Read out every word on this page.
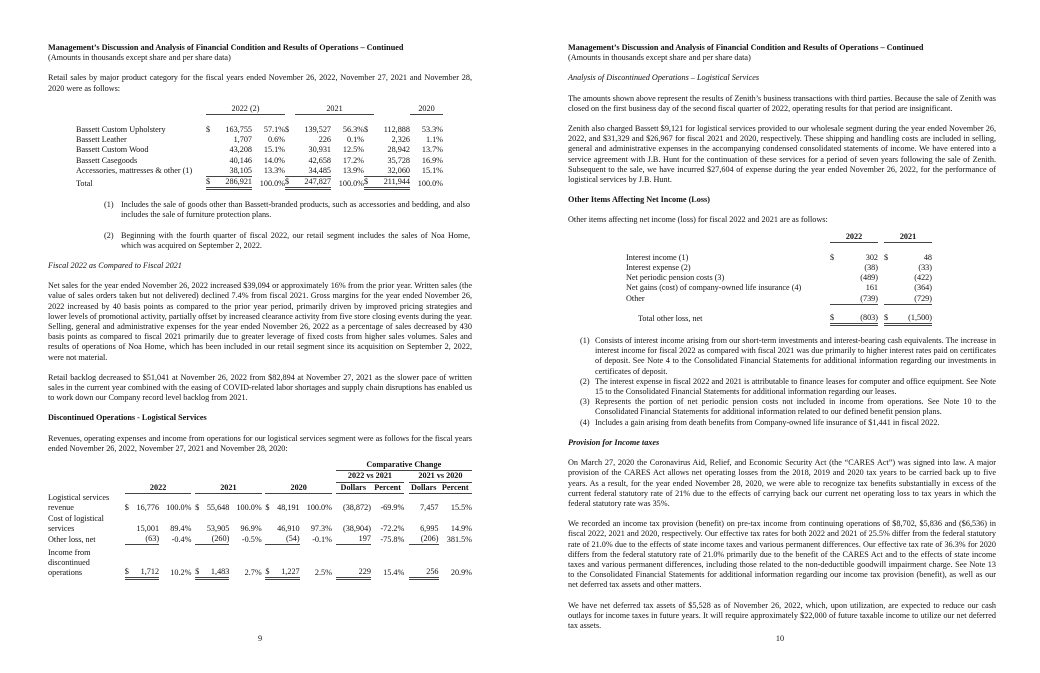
Management’s Discussion and Analysis of Financial Condition and Results of Operations – Continued
(Amounts in thousands except share and per share data)

Retail sales by major product category for the fiscal years ended November 26, 2022, November 27, 2021 and November 28, 2020 were as follows:

	2022 (2)				2021				2020

Bassett Custom Upholstery	$	163,755	57.1%	$	139,527	56.3%	$	112,888	53.3%
Bassett Leather		1,707	0.6%		226	0.1%		2,326	1.1%
Bassett Custom Wood		43,208	15.1%		30,931	12.5%		28,942	13.7%
Bassett Casegoods		40,146	14.0%		42,658	17.2%		35,728	16.9%
Accessories, mattresses & other (1)		38,105	13.3%		34,485	13.9%		32,060	15.1%
Total	$	286,921	100.0%	$	247,827	100.0%	$	211,944	100.0%
(1) Includes the sale of goods other than Bassett-branded products, such as accessories and bedding, and also includes the sale of furniture protection plans.
(2) Beginning with the fourth quarter of fiscal 2022, our retail segment includes the sales of Noa Home, which was acquired on September 2, 2022.
Fiscal 2022 as Compared to Fiscal 2021

Net sales for the year ended November 26, 2022 increased $39,094 or approximately 16% from the prior year. Written sales (the value of sales orders taken but not delivered) declined 7.4% from fiscal 2021. Gross margins for the year ended November 26, 2022 increased by 40 basis points as compared to the prior year period, primarily driven by improved pricing strategies and lower levels of promotional activity, partially offset by increased clearance activity from five store closing events during the year. Selling, general and administrative expenses for the year ended November 26, 2022 as a percentage of sales decreased by 430 basis points as compared to fiscal 2021 primarily due to greater leverage of fixed costs from higher sales volumes. Sales and results of operations of Noa Home, which has been included in our retail segment since its acquisition on September 2, 2022, were not material.

Retail backlog decreased to $51,041 at November 26, 2022 from $82,894 at November 27, 2021 as the slower pace of written sales in the current year combined with the easing of COVID-related labor shortages and supply chain disruptions has enabled us to work down our Company record level backlog from 2021.

Discontinued Operations - Logistical Services

Revenues, operating expenses and income from operations for our logistical services segment were as follows for the fiscal years ended November 26, 2022, November 27, 2021 and November 28, 2020:

													Comparative Change				
													2022 vs 2021			2021 vs 2020	
	2022				2021				2020				Dollars	Percent		Dollars	Percent
Logistical services revenue	$	16,776	100.0%		$	55,648	100.0%		$	48,191	100.0%		(38,872)	-69.9%		7,457	15.5%
Cost of logistical services		15,001	89.4%			53,905	96.9%			46,910	97.3%		(38,904)	-72.2%		6,995	14.9%
Other loss, net		(63)	-0.4%			(260)	-0.5%			(54)	-0.1%		197	-75.8%		(206)	381.5%
Income from discontinued operations	$	1,712	10.2%		$	1,483	2.7%		$	1,227	2.5%		229	15.4%		256	20.9%
9
Management’s Discussion and Analysis of Financial Condition and Results of Operations – Continued
(Amounts in thousands except share and per share data)
Analysis of Discontinued Operations – Logistical Services

The amounts shown above represent the results of Zenith’s business transactions with third parties. Because the sale of Zenith was closed on the first business day of the second fiscal quarter of 2022, operating results for that period are insignificant.

Zenith also charged Bassett $9,121 for logistical services provided to our wholesale segment during the year ended November 26, 2022, and $31,329 and $26,967 for fiscal 2021 and 2020, respectively. These shipping and handling costs are included in selling, general and administrative expenses in the accompanying condensed consolidated statements of income. We have entered into a service agreement with J.B. Hunt for the continuation of these services for a period of seven years following the sale of Zenith. Subsequent to the sale, we have incurred $27,604 of expense during the year ended November 26, 2022, for the performance of logistical services by J.B. Hunt.

Other Items Affecting Net Income (Loss)

Other items affecting net income (loss) for fiscal 2022 and 2021 are as follows:

	2022			2021	

Interest income (1)	$	302		$	48
Interest expense (2)		(38)			(33)
Net periodic pension costs (3)		(489)			(422)
Net gains (cost) of company-owned life insurance (4)		161			(364)
Other		(739)			(729)

Total other loss, net	$	(803)		$	(1,500)
(1) Consists of interest income arising from our short-term investments and interest-bearing cash equivalents. The increase in interest income for fiscal 2022 as compared with fiscal 2021 was due primarily to higher interest rates paid on certificates of deposit. See Note 4 to the Consolidated Financial Statements for additional information regarding our investments in certificates of deposit.
(2) The interest expense in fiscal 2022 and 2021 is attributable to finance leases for computer and office equipment. See Note 15 to the Consolidated Financial Statements for additional information regarding our leases.
(3) Represents the portion of net periodic pension costs not included in income from operations. See Note 10 to the Consolidated Financial Statements for additional information related to our defined benefit pension plans.
(4) Includes a gain arising from death benefits from Company-owned life insurance of $1,441 in fiscal 2022.
Provision for Income taxes

On March 27, 2020 the Coronavirus Aid, Relief, and Economic Security Act (the “CARES Act”) was signed into law. A major provision of the CARES Act allows net operating losses from the 2018, 2019 and 2020 tax years to be carried back up to five years. As a result, for the year ended November 28, 2020, we were able to recognize tax benefits substantially in excess of the current federal statutory rate of 21% due to the effects of carrying back our current net operating loss to tax years in which the federal statutory rate was 35%.

We recorded an income tax provision (benefit) on pre-tax income from continuing operations of $8,702, $5,836 and ($6,536) in fiscal 2022, 2021 and 2020, respectively. Our effective tax rates for both 2022 and 2021 of 25.5% differ from the federal statutory rate of 21.0% due to the effects of state income taxes and various permanent differences. Our effective tax rate of 36.3% for 2020 differs from the federal statutory rate of 21.0% primarily due to the benefit of the CARES Act and to the effects of state income taxes and various permanent differences, including those related to the non-deductible goodwill impairment charge. See Note 13 to the Consolidated Financial Statements for additional information regarding our income tax provision (benefit), as well as our net deferred tax assets and other matters.

We have net deferred tax assets of $5,528 as of November 26, 2022, which, upon utilization, are expected to reduce our cash outlays for income taxes in future years. It will require approximately $22,000 of future taxable income to utilize our net deferred tax assets.

10
